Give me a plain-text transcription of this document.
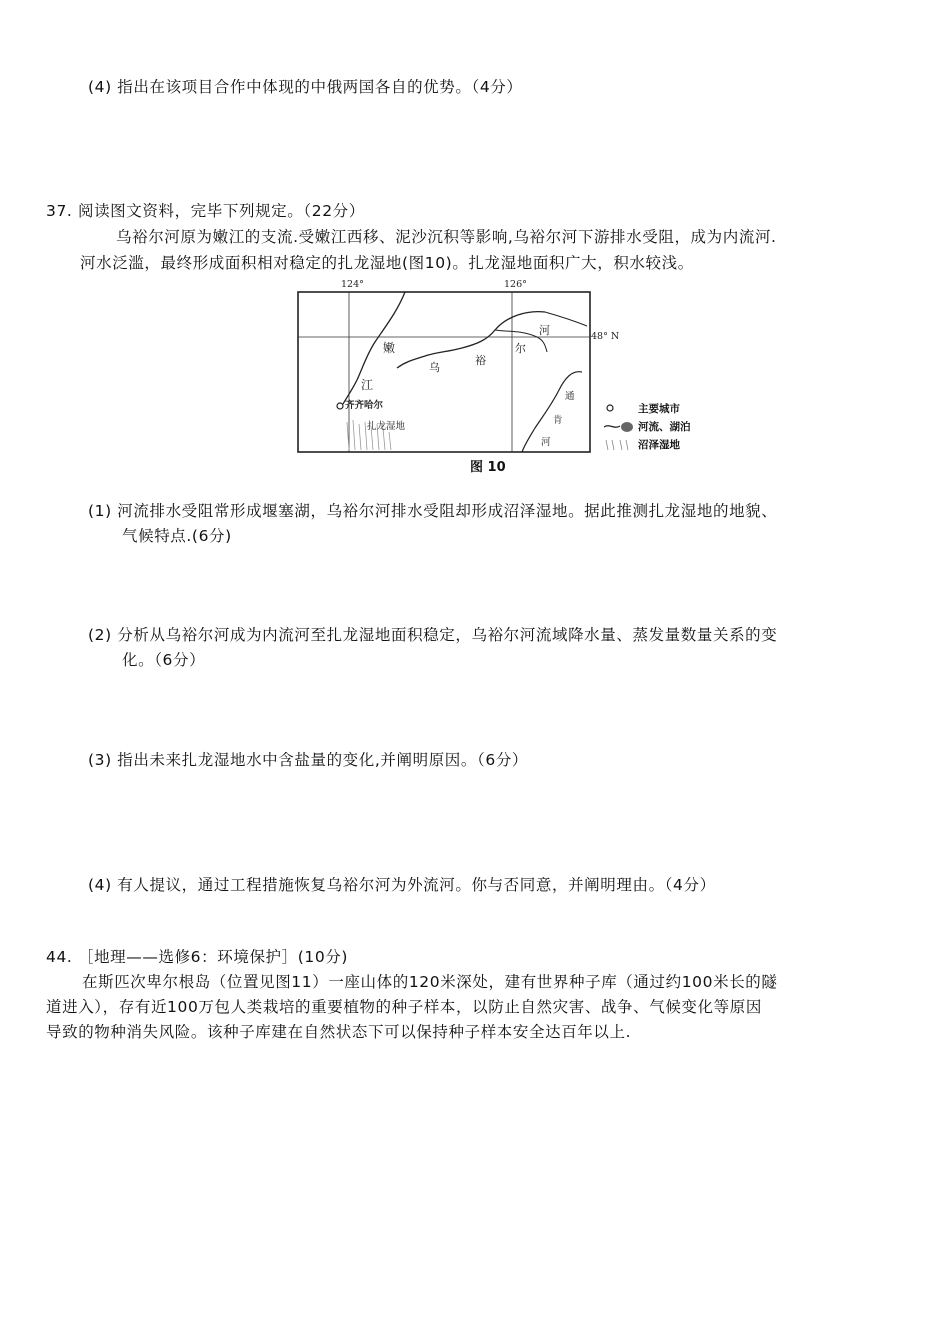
(4) 指出在该项目合作中体现的中俄两国各自的优势。（4分）
37. 阅读图文资料，完毕下列规定。（22分）
乌裕尔河原为嫩江的支流.受嫩江西移、泥沙沉积等影响,乌裕尔河下游排水受阻，成为内流河.
河水泛滥，最终形成面积相对稳定的扎龙湿地(图10)。扎龙湿地面积广大，积水较浅。
124°	126°
48° N
嫩
江
乌
裕
尔
河
齐齐哈尔
扎龙湿地
通
肯
河
主要城市
河流、湖泊
沼泽湿地
图 10
(1) 河流排水受阻常形成堰塞湖，乌裕尔河排水受阻却形成沼泽湿地。据此推测扎龙湿地的地貌、
气候特点.(6分)
(2) 分析从乌裕尔河成为内流河至扎龙湿地面积稳定，乌裕尔河流域降水量、蒸发量数量关系的变
化。（6分）
(3) 指出未来扎龙湿地水中含盐量的变化,并阐明原因。（6分）
(4) 有人提议，通过工程措施恢复乌裕尔河为外流河。你与否同意，并阐明理由。（4分）
44. ［地理——选修6：环境保护］(10分)
在斯匹次卑尔根岛（位置见图11）一座山体的120米深处，建有世界种子库（通过约100米长的隧
道进入），存有近100万包人类栽培的重要植物的种子样本，以防止自然灾害、战争、气候变化等原因
导致的物种消失风险。该种子库建在自然状态下可以保持种子样本安全达百年以上.
